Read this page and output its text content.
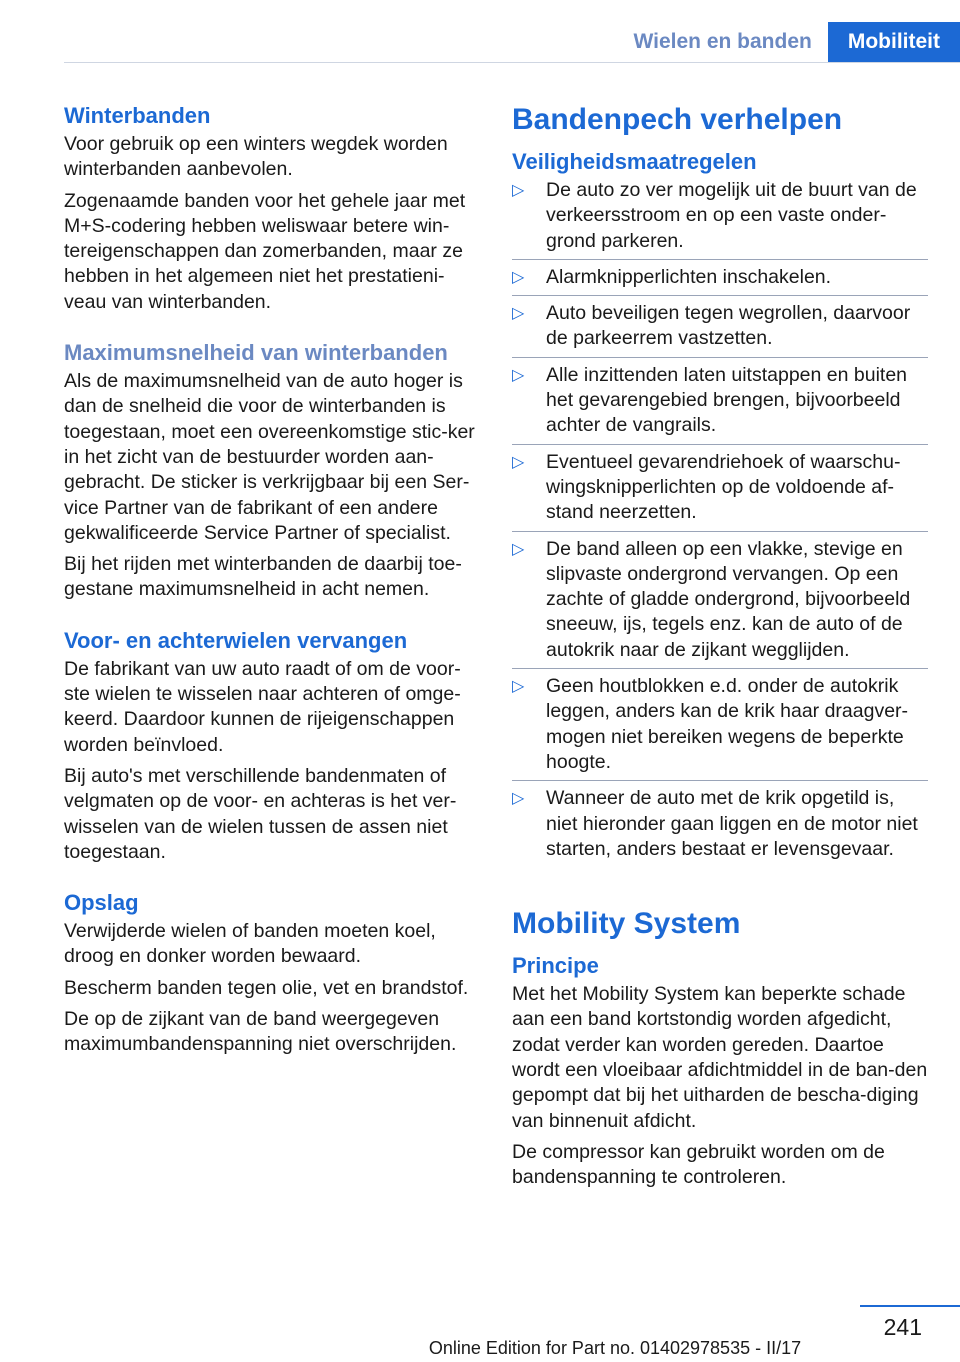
Wielen en banden	Mobiliteit
Winterbanden
Voor gebruik op een winters wegdek worden winterbanden aanbevolen.
Zogenaamde banden voor het gehele jaar met M+S-codering hebben weliswaar betere win‐tereigenschappen dan zomerbanden, maar ze hebben in het algemeen niet het prestatieni‐veau van winterbanden.
Maximumsnelheid van winterbanden
Als de maximumsnelheid van de auto hoger is dan de snelheid die voor de winterbanden is toegestaan, moet een overeenkomstige stic‐ker in het zicht van de bestuurder worden aan‐gebracht. De sticker is verkrijgbaar bij een Ser‐vice Partner van de fabrikant of een andere gekwalificeerde Service Partner of specialist.
Bij het rijden met winterbanden de daarbij toe‐gestane maximumsnelheid in acht nemen.
Voor- en achterwielen vervangen
De fabrikant van uw auto raadt of om de voor‐ste wielen te wisselen naar achteren of omge‐keerd. Daardoor kunnen de rijeigenschappen worden beïnvloed.
Bij auto's met verschillende bandenmaten of velgmaten op de voor- en achteras is het ver‐wisselen van de wielen tussen de assen niet toegestaan.
Opslag
Verwijderde wielen of banden moeten koel, droog en donker worden bewaard.
Bescherm banden tegen olie, vet en brandstof.
De op de zijkant van de band weergegeven maximumbandenspanning niet overschrijden.
Bandenpech verhelpen
Veiligheidsmaatregelen
▷ De auto zo ver mogelijk uit de buurt van de verkeersstroom en op een vaste onder‐grond parkeren.
▷ Alarmknipperlichten inschakelen.
▷ Auto beveiligen tegen wegrollen, daarvoor de parkeerrem vastzetten.
▷ Alle inzittenden laten uitstappen en buiten het gevarengebied brengen, bijvoorbeeld achter de vangrails.
▷ Eventueel gevarendriehoek of waarschu‐wingsknipperlichten op de voldoende af‐stand neerzetten.
▷ De band alleen op een vlakke, stevige en slipvaste ondergrond vervangen. Op een zachte of gladde ondergrond, bijvoorbeeld sneeuw, ijs, tegels enz. kan de auto of de autokrik naar de zijkant wegglijden.
▷ Geen houtblokken e.d. onder de autokrik leggen, anders kan de krik haar draagver‐mogen niet bereiken wegens de beperkte hoogte.
▷ Wanneer de auto met de krik opgetild is, niet hieronder gaan liggen en de motor niet starten, anders bestaat er levensgevaar.
Mobility System
Principe
Met het Mobility System kan beperkte schade aan een band kortstondig worden afgedicht, zodat verder kan worden gereden. Daartoe wordt een vloeibaar afdichtmiddel in de ban‐den gepompt dat bij het uitharden de bescha‐diging van binnenuit afdicht.
De compressor kan gebruikt worden om de bandenspanning te controleren.
241
Online Edition for Part no. 01402978535 - II/17
